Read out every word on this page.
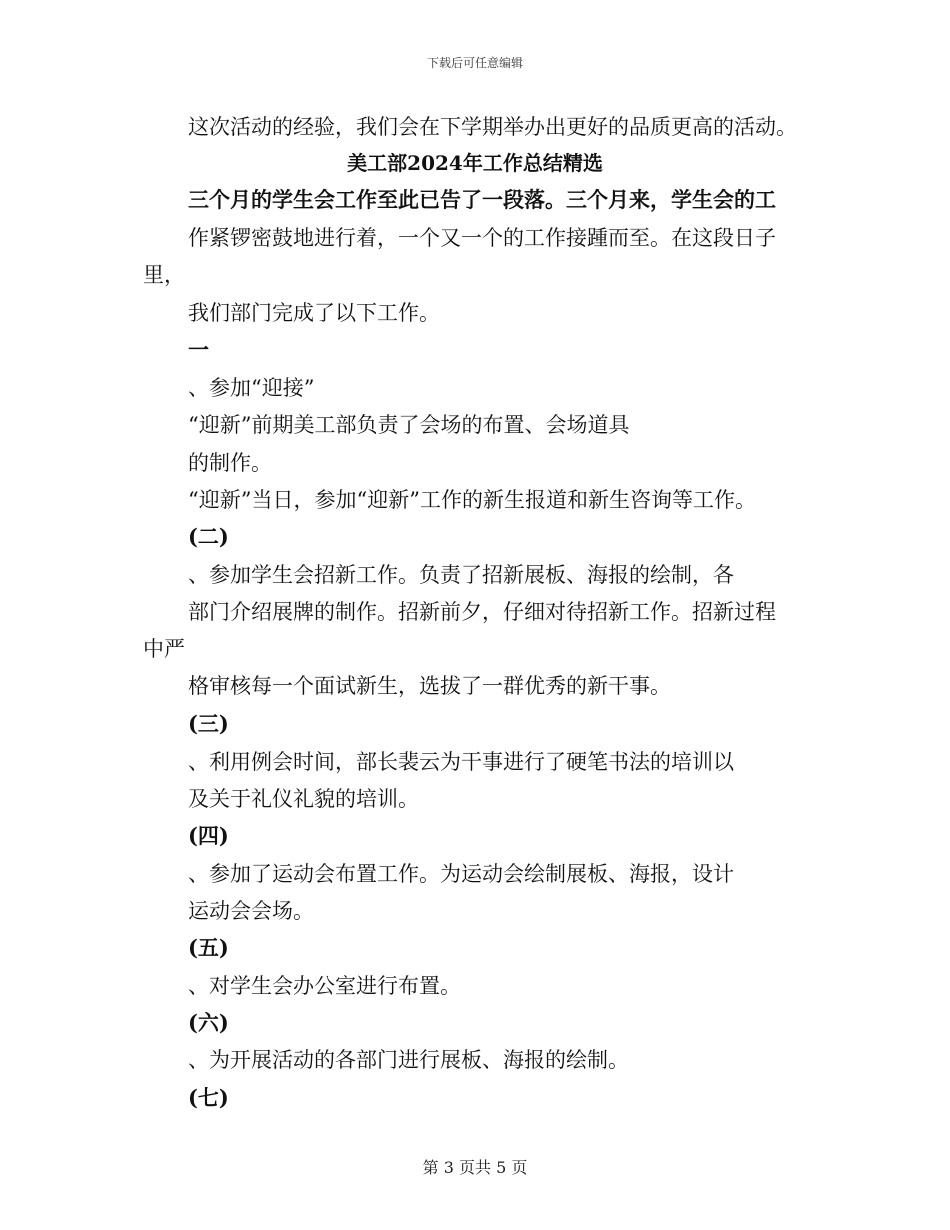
下载后可任意编辑
这次活动的经验，我们会在下学期举办出更好的品质更高的活动。
美工部2024年工作总结精选
三个月的学生会工作至此已告了一段落。三个月来，学生会的工
作紧锣密鼓地进行着，一个又一个的工作接踵而至。在这段日子
里，
我们部门完成了以下工作。
一
、参加“迎接”
“迎新”前期美工部负责了会场的布置、会场道具
的制作。
“迎新”当日，参加“迎新”工作的新生报道和新生咨询等工作。
(二)
、参加学生会招新工作。负责了招新展板、海报的绘制，各
部门介绍展牌的制作。招新前夕，仔细对待招新工作。招新过程
中严
格审核每一个面试新生，选拔了一群优秀的新干事。
(三)
、利用例会时间，部长裴云为干事进行了硬笔书法的培训以
及关于礼仪礼貌的培训。
(四)
、参加了运动会布置工作。为运动会绘制展板、海报，设计
运动会会场。
(五)
、对学生会办公室进行布置。
(六)
、为开展活动的各部门进行展板、海报的绘制。
(七)
第 3 页共 5 页
